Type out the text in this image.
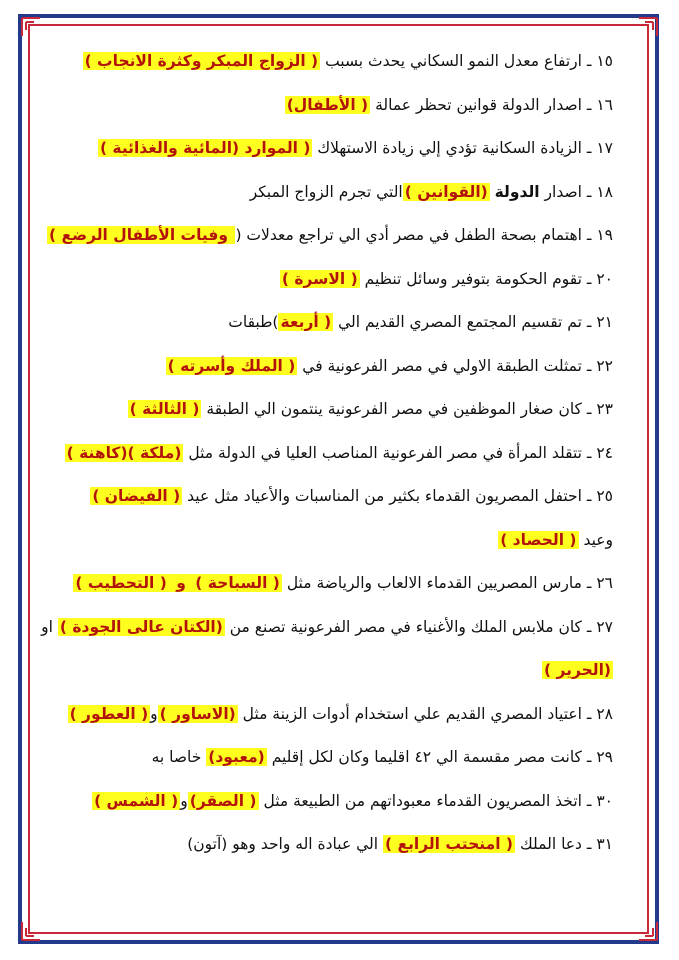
١٥ ـ ارتفاع معدل النمو السكاني يحدث بسبب ( الزواج المبكر وكثرة الانجاب )
١٦ ـ اصدار الدولة قوانين تحظر عمالة ( الأطفال)
١٧ ـ الزيادة السكانية تؤدي إلي زيادة الاستهلاك ( الموارد (المائية والغذائية )
١٨ ـ اصدار الدولة (القوانين )التي تجرم الزواج المبكر
١٩ ـ اهتمام بصحة الطفل في مصر أدي الي تراجع معدلات ( وفيات الأطفال الرضع )
٢٠ ـ تقوم الحكومة بتوفير وسائل تنظيم ( الاسرة )
٢١ ـ تم تقسيم المجتمع المصري القديم الي ( أربعة)طبقات
٢٢ ـ تمثلت الطبقة الاولي في مصر الفرعونية في ( الملك وأسرته )
٢٣ ـ كان صغار الموظفين في مصر الفرعونية ينتمون الي الطبقة ( الثالثة )
٢٤ ـ تتقلد المرأة في مصر الفرعونية المناصب العليا في الدولة مثل (ملكة )(كاهنة )
٢٥ ـ احتفل المصريون القدماء بكثير من المناسبات والأعياد مثل عيد ( الفيضان )
وعيد ( الحصاد )
٢٦ ـ مارس المصريين القدماء الالعاب والرياضة مثل ( السباحة ) و ( التحطيب )
٢٧ ـ كان ملابس الملك والأغنياء في مصر الفرعونية تصنع من (الكتان عالى الجودة ) او
(الحرير )
٢٨ ـ اعتياد المصري القديم علي استخدام أدوات الزينة مثل (الاساور )و( العطور )
٢٩ ـ كانت مصر مقسمة الي ٤٢ اقليما وكان لكل إقليم (معبود) خاصا به
٣٠ ـ اتخذ المصريون القدماء معبوداتهم من الطبيعة مثل ( الصقر)و( الشمس )
٣١ ـ دعا الملك ( امنحتب الرابع ) الي عبادة اله واحد وهو (آتون)
